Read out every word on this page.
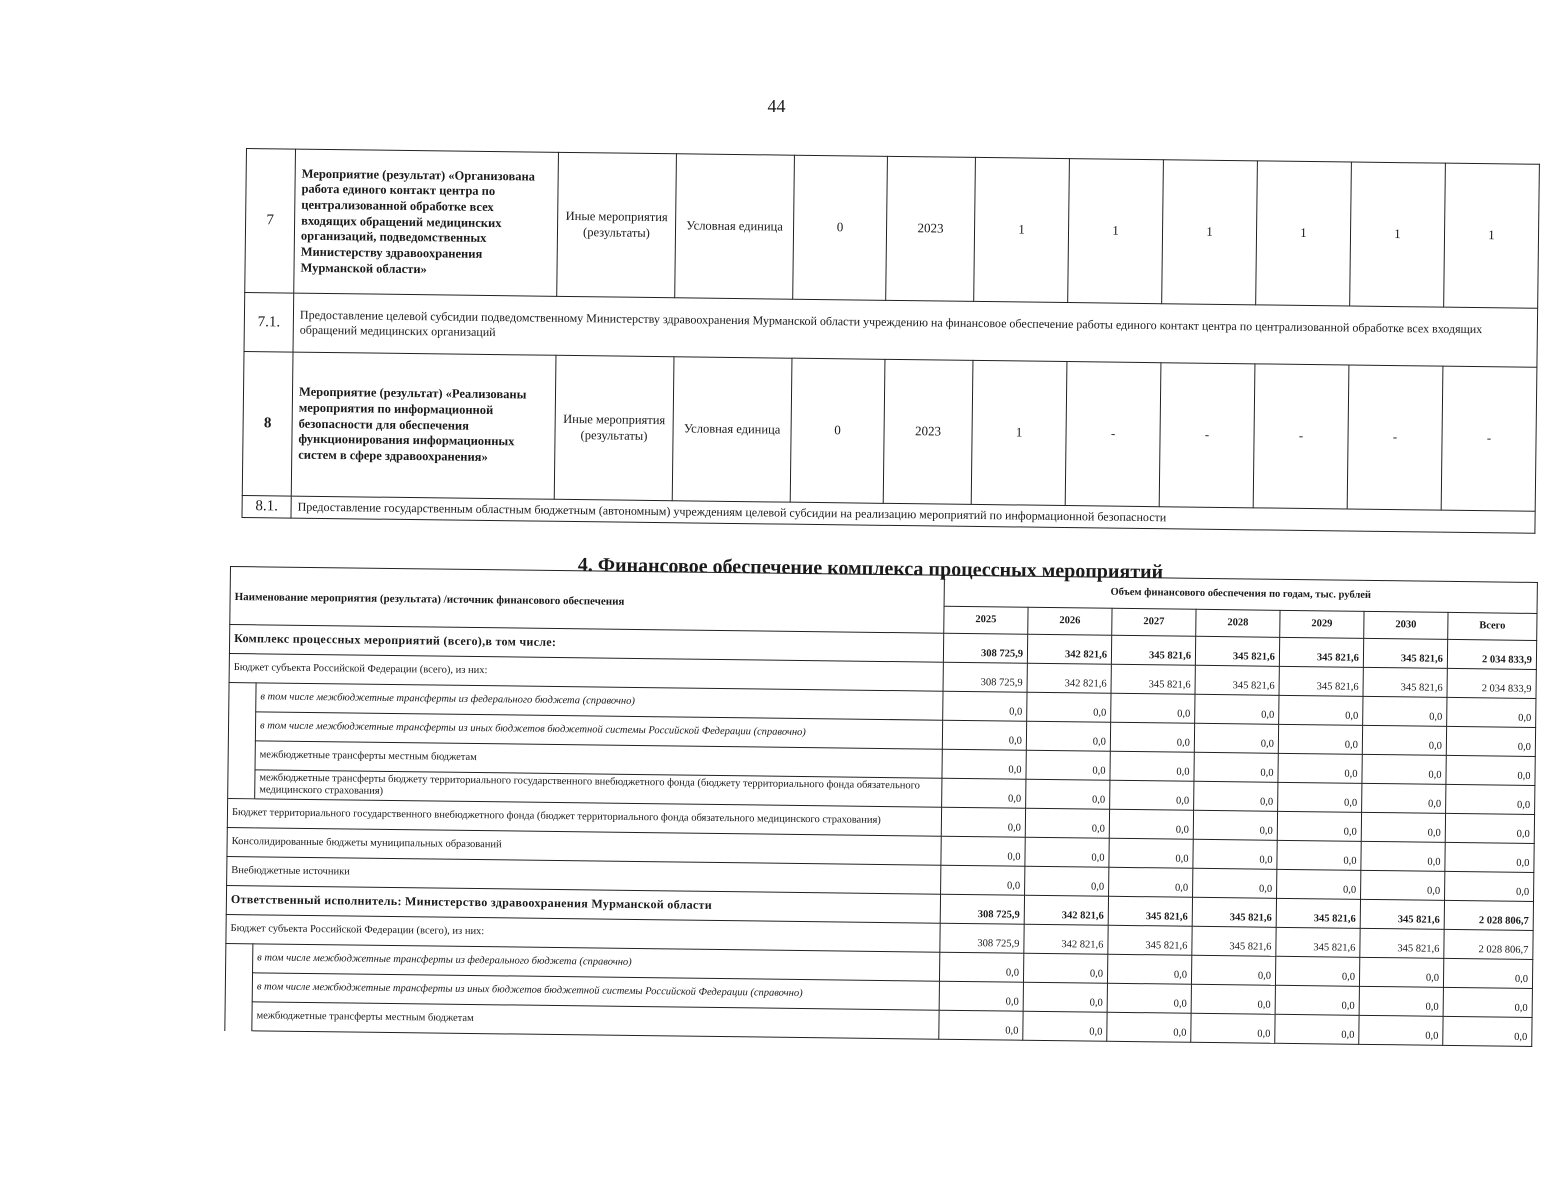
44
7	Мероприятие (результат) «Организована работа единого контакт центра по централизованной обработке всех входящих обращений медицинских организаций, подведомственных Министерству здравоохранения Мурманской области»	Иные мероприятия (результаты)	Условная единица	0	2023	1	1	1	1	1	1
7.1.	Предоставление целевой субсидии подведомственному Министерству здравоохранения Мурманской области учреждению на финансовое обеспечение работы единого контакт центра по централизованной обработке всех входящих обращений медицинских организаций										
8	Мероприятие (результат) «Реализованы мероприятия по информационной безопасности для обеспечения функционирования информационных систем в сфере здравоохранения»	Иные мероприятия (результаты)	Условная единица	0	2023	1	-	-	-	-	-
8.1.	Предоставление государственным областным бюджетным (автономным) учреждениям целевой субсидии на реализацию мероприятий по информационной безопасности										
4. Финансовое обеспечение комплекса процессных мероприятий
Наименование мероприятия (результата) /источник финансового обеспечения		Объем финансового обеспечения по годам, тыс. рублей						
		2025	2026	2027	2028	2029	2030	Всего
Комплекс процессных мероприятий (всего),в том числе:		308 725,9	342 821,6	345 821,6	345 821,6	345 821,6	345 821,6	2 034 833,9
Бюджет субъекта Российской Федерации (всего), из них:		308 725,9	342 821,6	345 821,6	345 821,6	345 821,6	345 821,6	2 034 833,9
	в том числе межбюджетные трансферты из федерального бюджета (справочно)	0,0	0,0	0,0	0,0	0,0	0,0	0,0
	в том числе межбюджетные трансферты из иных бюджетов бюджетной системы Российской Федерации (справочно)	0,0	0,0	0,0	0,0	0,0	0,0	0,0
	межбюджетные трансферты местным бюджетам	0,0	0,0	0,0	0,0	0,0	0,0	0,0
	межбюджетные трансферты бюджету территориального государственного внебюджетного фонда (бюджету территориального фонда обязательного медицинского страхования)	0,0	0,0	0,0	0,0	0,0	0,0	0,0
Бюджет территориального государственного внебюджетного фонда (бюджет территориального фонда обязательного медицинского страхования)		0,0	0,0	0,0	0,0	0,0	0,0	0,0
Консолидированные бюджеты муниципальных образований		0,0	0,0	0,0	0,0	0,0	0,0	0,0
Внебюджетные источники		0,0	0,0	0,0	0,0	0,0	0,0	0,0
Ответственный исполнитель: Министерство здравоохранения Мурманской области		308 725,9	342 821,6	345 821,6	345 821,6	345 821,6	345 821,6	2 028 806,7
Бюджет субъекта Российской Федерации (всего), из них:		308 725,9	342 821,6	345 821,6	345 821,6	345 821,6	345 821,6	2 028 806,7
	в том числе межбюджетные трансферты из федерального бюджета (справочно)	0,0	0,0	0,0	0,0	0,0	0,0	0,0
	в том числе межбюджетные трансферты из иных бюджетов бюджетной системы Российской Федерации (справочно)	0,0	0,0	0,0	0,0	0,0	0,0	0,0
	межбюджетные трансферты местным бюджетам	0,0	0,0	0,0	0,0	0,0	0,0	0,0
